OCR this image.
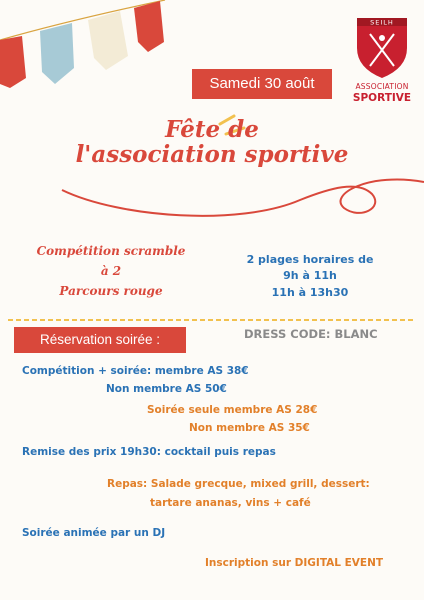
SEILH
ASSOCIATION
SPORTIVE
Samedi 30 août
Fête de
l'association sportive
Compétition scramble
à 2
Parcours rouge
2 plages horaires de
9h à 11h
11h à 13h30
Réservation soirée :	DRESS CODE: BLANC
Compétition + soirée: membre AS 38€
Non membre AS 50€
Soirée seule membre AS 28€
Non membre AS 35€
Remise des prix 19h30: cocktail puis repas
Repas: Salade grecque, mixed grill, dessert:
tartare ananas, vins + café
Soirée animée par un DJ
Inscription sur DIGITAL EVENT
